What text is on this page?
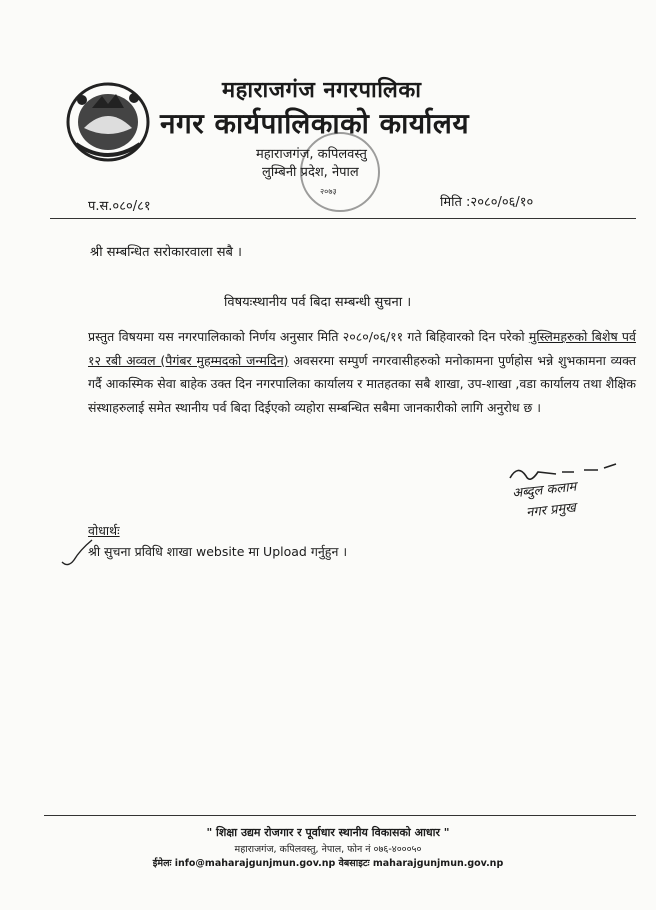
महाराजगंज नगरपालिका
नगर कार्यपालिकाको कार्यालय
महाराजगंज, कपिलवस्तु
लुम्बिनी प्रदेश, नेपाल
२०७३
प.स.०८०/८१	मिति :२०८०/०६/१०
श्री सम्बन्धित सरोकारवाला सबै ।
विषयःस्थानीय पर्व बिदा सम्बन्धी सुचना ।
प्रस्तुत विषयमा यस नगरपालिकाको निर्णय अनुसार मिति २०८०/०६/११ गते बिहिवारको दिन परेको मुस्लिमहरुको बिशेष पर्व १२ रबी अव्वल (पैगंबर मुहम्मदको जन्मदिन) अवसरमा सम्पुर्ण नगरवासीहरुको मनोकामना पुर्णहोस भन्ने शुभकामना व्यक्त गर्दै आकस्मिक सेवा बाहेक उक्त दिन नगरपालिका कार्यालय र मातहतका सबै शाखा, उप-शाखा ,वडा कार्यालय तथा शैक्षिक संस्थाहरुलाई समेत स्थानीय पर्व बिदा दिईएको व्यहोरा सम्बन्धित सबैमा जानकारीको लागि अनुरोध छ ।
अब्दुल कलाम
नगर प्रमुख
वोधार्थः
श्री सुचना प्रविधि शाखा website मा Upload गर्नुहुन ।
" शिक्षा उद्यम रोजगार र पूर्वाधार स्थानीय विकासको आधार "
महाराजगंज, कपिलवस्तु, नेपाल, फोन नं ०७६-४०००५०
ईमेलः info@maharajgunjmun.gov.np वेबसाइटः maharajgunjmun.gov.np
